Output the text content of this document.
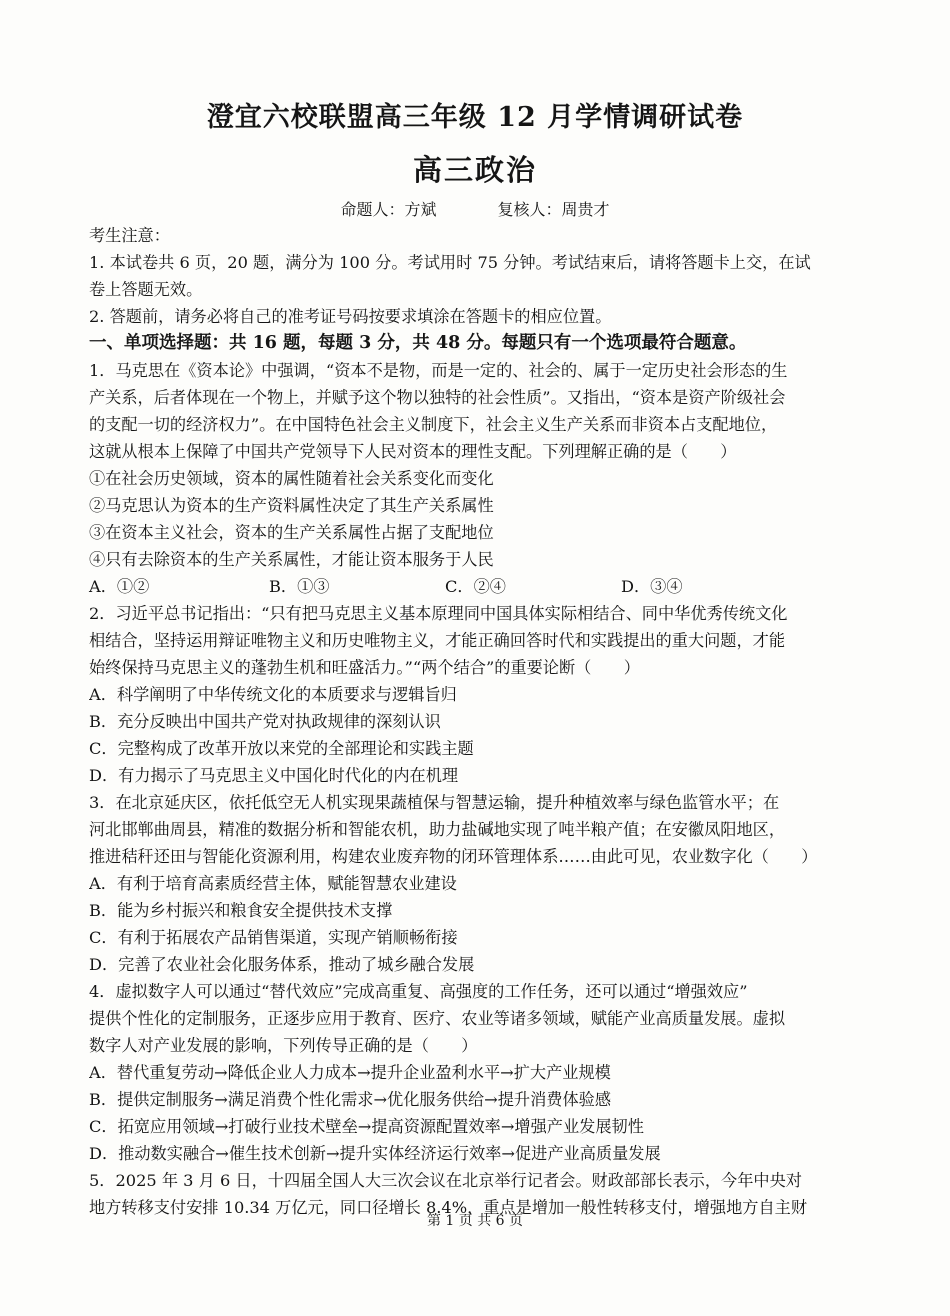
澄宜六校联盟高三年级 12 月学情调研试卷
高三政治
命题人：方斌	复核人：周贵才

考生注意：

1. 本试卷共 6 页，20 题，满分为 100 分。考试用时 75 分钟。考试结束后，请将答题卡上交，在试

卷上答题无效。

2. 答题前，请务必将自己的准考证号码按要求填涂在答题卡的相应位置。

一、单项选择题：共 16 题，每题 3 分，共 48 分。每题只有一个选项最符合题意。

1．马克思在《资本论》中强调，“资本不是物，而是一定的、社会的、属于一定历史社会形态的生

产关系，后者体现在一个物上，并赋予这个物以独特的社会性质”。又指出，“资本是资产阶级社会

的支配一切的经济权力”。在中国特色社会主义制度下，社会主义生产关系而非资本占支配地位，

这就从根本上保障了中国共产党领导下人民对资本的理性支配。下列理解正确的是（　　）

①在社会历史领域，资本的属性随着社会关系变化而变化

②马克思认为资本的生产资料属性决定了其生产关系属性

③在资本主义社会，资本的生产关系属性占据了支配地位

④只有去除资本的生产关系属性，才能让资本服务于人民

A．①②	B．①③	C．②④	D．③④

2．习近平总书记指出：“只有把马克思主义基本原理同中国具体实际相结合、同中华优秀传统文化

相结合，坚持运用辩证唯物主义和历史唯物主义，才能正确回答时代和实践提出的重大问题，才能

始终保持马克思主义的蓬勃生机和旺盛活力。”“两个结合”的重要论断（　　）

A．科学阐明了中华传统文化的本质要求与逻辑旨归

B．充分反映出中国共产党对执政规律的深刻认识

C．完整构成了改革开放以来党的全部理论和实践主题

D．有力揭示了马克思主义中国化时代化的内在机理

3．在北京延庆区，依托低空无人机实现果蔬植保与智慧运输，提升种植效率与绿色监管水平；在

河北邯郸曲周县，精准的数据分析和智能农机，助力盐碱地实现了吨半粮产值；在安徽凤阳地区，

推进秸秆还田与智能化资源利用，构建农业废弃物的闭环管理体系……由此可见，农业数字化（　　）

A．有利于培育高素质经营主体，赋能智慧农业建设

B．能为乡村振兴和粮食安全提供技术支撑

C．有利于拓展农产品销售渠道，实现产销顺畅衔接

D．完善了农业社会化服务体系，推动了城乡融合发展

4．虚拟数字人可以通过“替代效应”完成高重复、高强度的工作任务，还可以通过“增强效应”

提供个性化的定制服务，正逐步应用于教育、医疗、农业等诸多领域，赋能产业高质量发展。虚拟

数字人对产业发展的影响，下列传导正确的是（　　）

A．替代重复劳动→降低企业人力成本→提升企业盈利水平→扩大产业规模

B．提供定制服务→满足消费个性化需求→优化服务供给→提升消费体验感

C．拓宽应用领域→打破行业技术壁垒→提高资源配置效率→增强产业发展韧性

D．推动数实融合→催生技术创新→提升实体经济运行效率→促进产业高质量发展

5．2025 年 3 月 6 日，十四届全国人大三次会议在北京举行记者会。财政部部长表示，今年中央对

地方转移支付安排 10.34 万亿元，同口径增长 8.4%，重点是增加一般性转移支付，增强地方自主财

第 1 页 共 6 页
